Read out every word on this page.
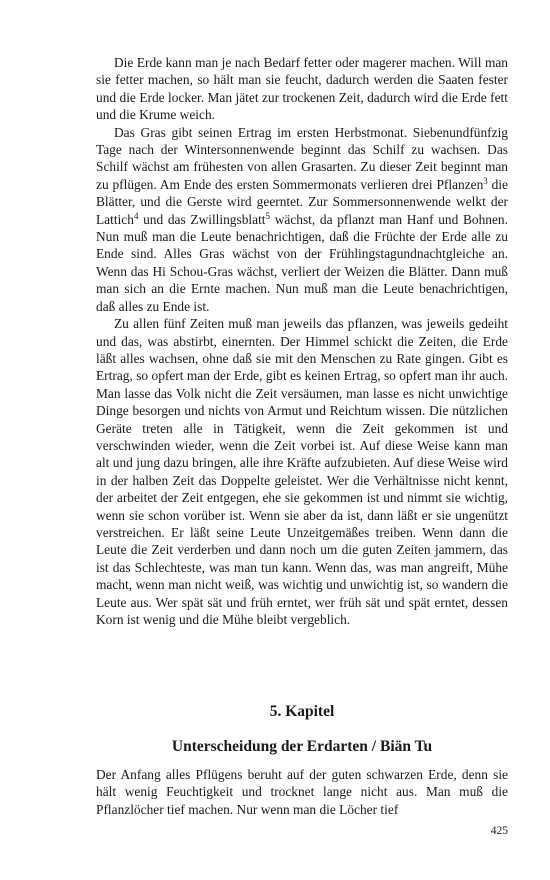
Die Erde kann man je nach Bedarf fetter oder magerer machen. Will man sie fetter machen, so hält man sie feucht, dadurch werden die Saaten fester und die Erde locker. Man jätet zur trockenen Zeit, dadurch wird die Erde fett und die Krume weich.

Das Gras gibt seinen Ertrag im ersten Herbstmonat. Siebenundfünfzig Tage nach der Wintersonnenwende beginnt das Schilf zu wachsen. Das Schilf wächst am frühesten von allen Grasarten. Zu dieser Zeit beginnt man zu pflügen. Am Ende des ersten Sommermonats verlieren drei Pflanzen$^3$ die Blätter, und die Gerste wird geerntet. Zur Sommersonnenwende welkt der Lattich$^4$ und das Zwillingsblatt$^5$ wächst, da pflanzt man Hanf und Bohnen. Nun muß man die Leute benachrichtigen, daß die Früchte der Erde alle zu Ende sind. Alles Gras wächst von der Frühlingstagundnachtgleiche an. Wenn das Hi Schou-Gras wächst, verliert der Weizen die Blätter. Dann muß man sich an die Ernte machen. Nun muß man die Leute benachrichtigen, daß alles zu Ende ist.

Zu allen fünf Zeiten muß man jeweils das pflanzen, was jeweils gedeiht und das, was abstirbt, einernten. Der Himmel schickt die Zeiten, die Erde läßt alles wachsen, ohne daß sie mit den Menschen zu Rate gingen. Gibt es Ertrag, so opfert man der Erde, gibt es keinen Ertrag, so opfert man ihr auch. Man lasse das Volk nicht die Zeit versäumen, man lasse es nicht unwichtige Dinge besorgen und nichts von Armut und Reichtum wissen. Die nützlichen Geräte treten alle in Tätigkeit, wenn die Zeit gekommen ist und verschwinden wieder, wenn die Zeit vorbei ist. Auf diese Weise kann man alt und jung dazu bringen, alle ihre Kräfte aufzubieten. Auf diese Weise wird in der halben Zeit das Doppelte geleistet. Wer die Verhältnisse nicht kennt, der arbeitet der Zeit entgegen, ehe sie gekommen ist und nimmt sie wichtig, wenn sie schon vorüber ist. Wenn sie aber da ist, dann läßt er sie ungenützt verstreichen. Er läßt seine Leute Unzeitgemäßes treiben. Wenn dann die Leute die Zeit verderben und dann noch um die guten Zeiten jammern, das ist das Schlechteste, was man tun kann. Wenn das, was man angreift, Mühe macht, wenn man nicht weiß, was wichtig und unwichtig ist, so wandern die Leute aus. Wer spät sät und früh erntet, wer früh sät und spät erntet, dessen Korn ist wenig und die Mühe bleibt vergeblich.

5. Kapitel
Unterscheidung der Erdarten / Biän Tu

Der Anfang alles Pflügens beruht auf der guten schwarzen Erde, denn sie hält wenig Feuchtigkeit und trocknet lange nicht aus. Man muß die Pflanzlöcher tief machen. Nur wenn man die Löcher tief

425
